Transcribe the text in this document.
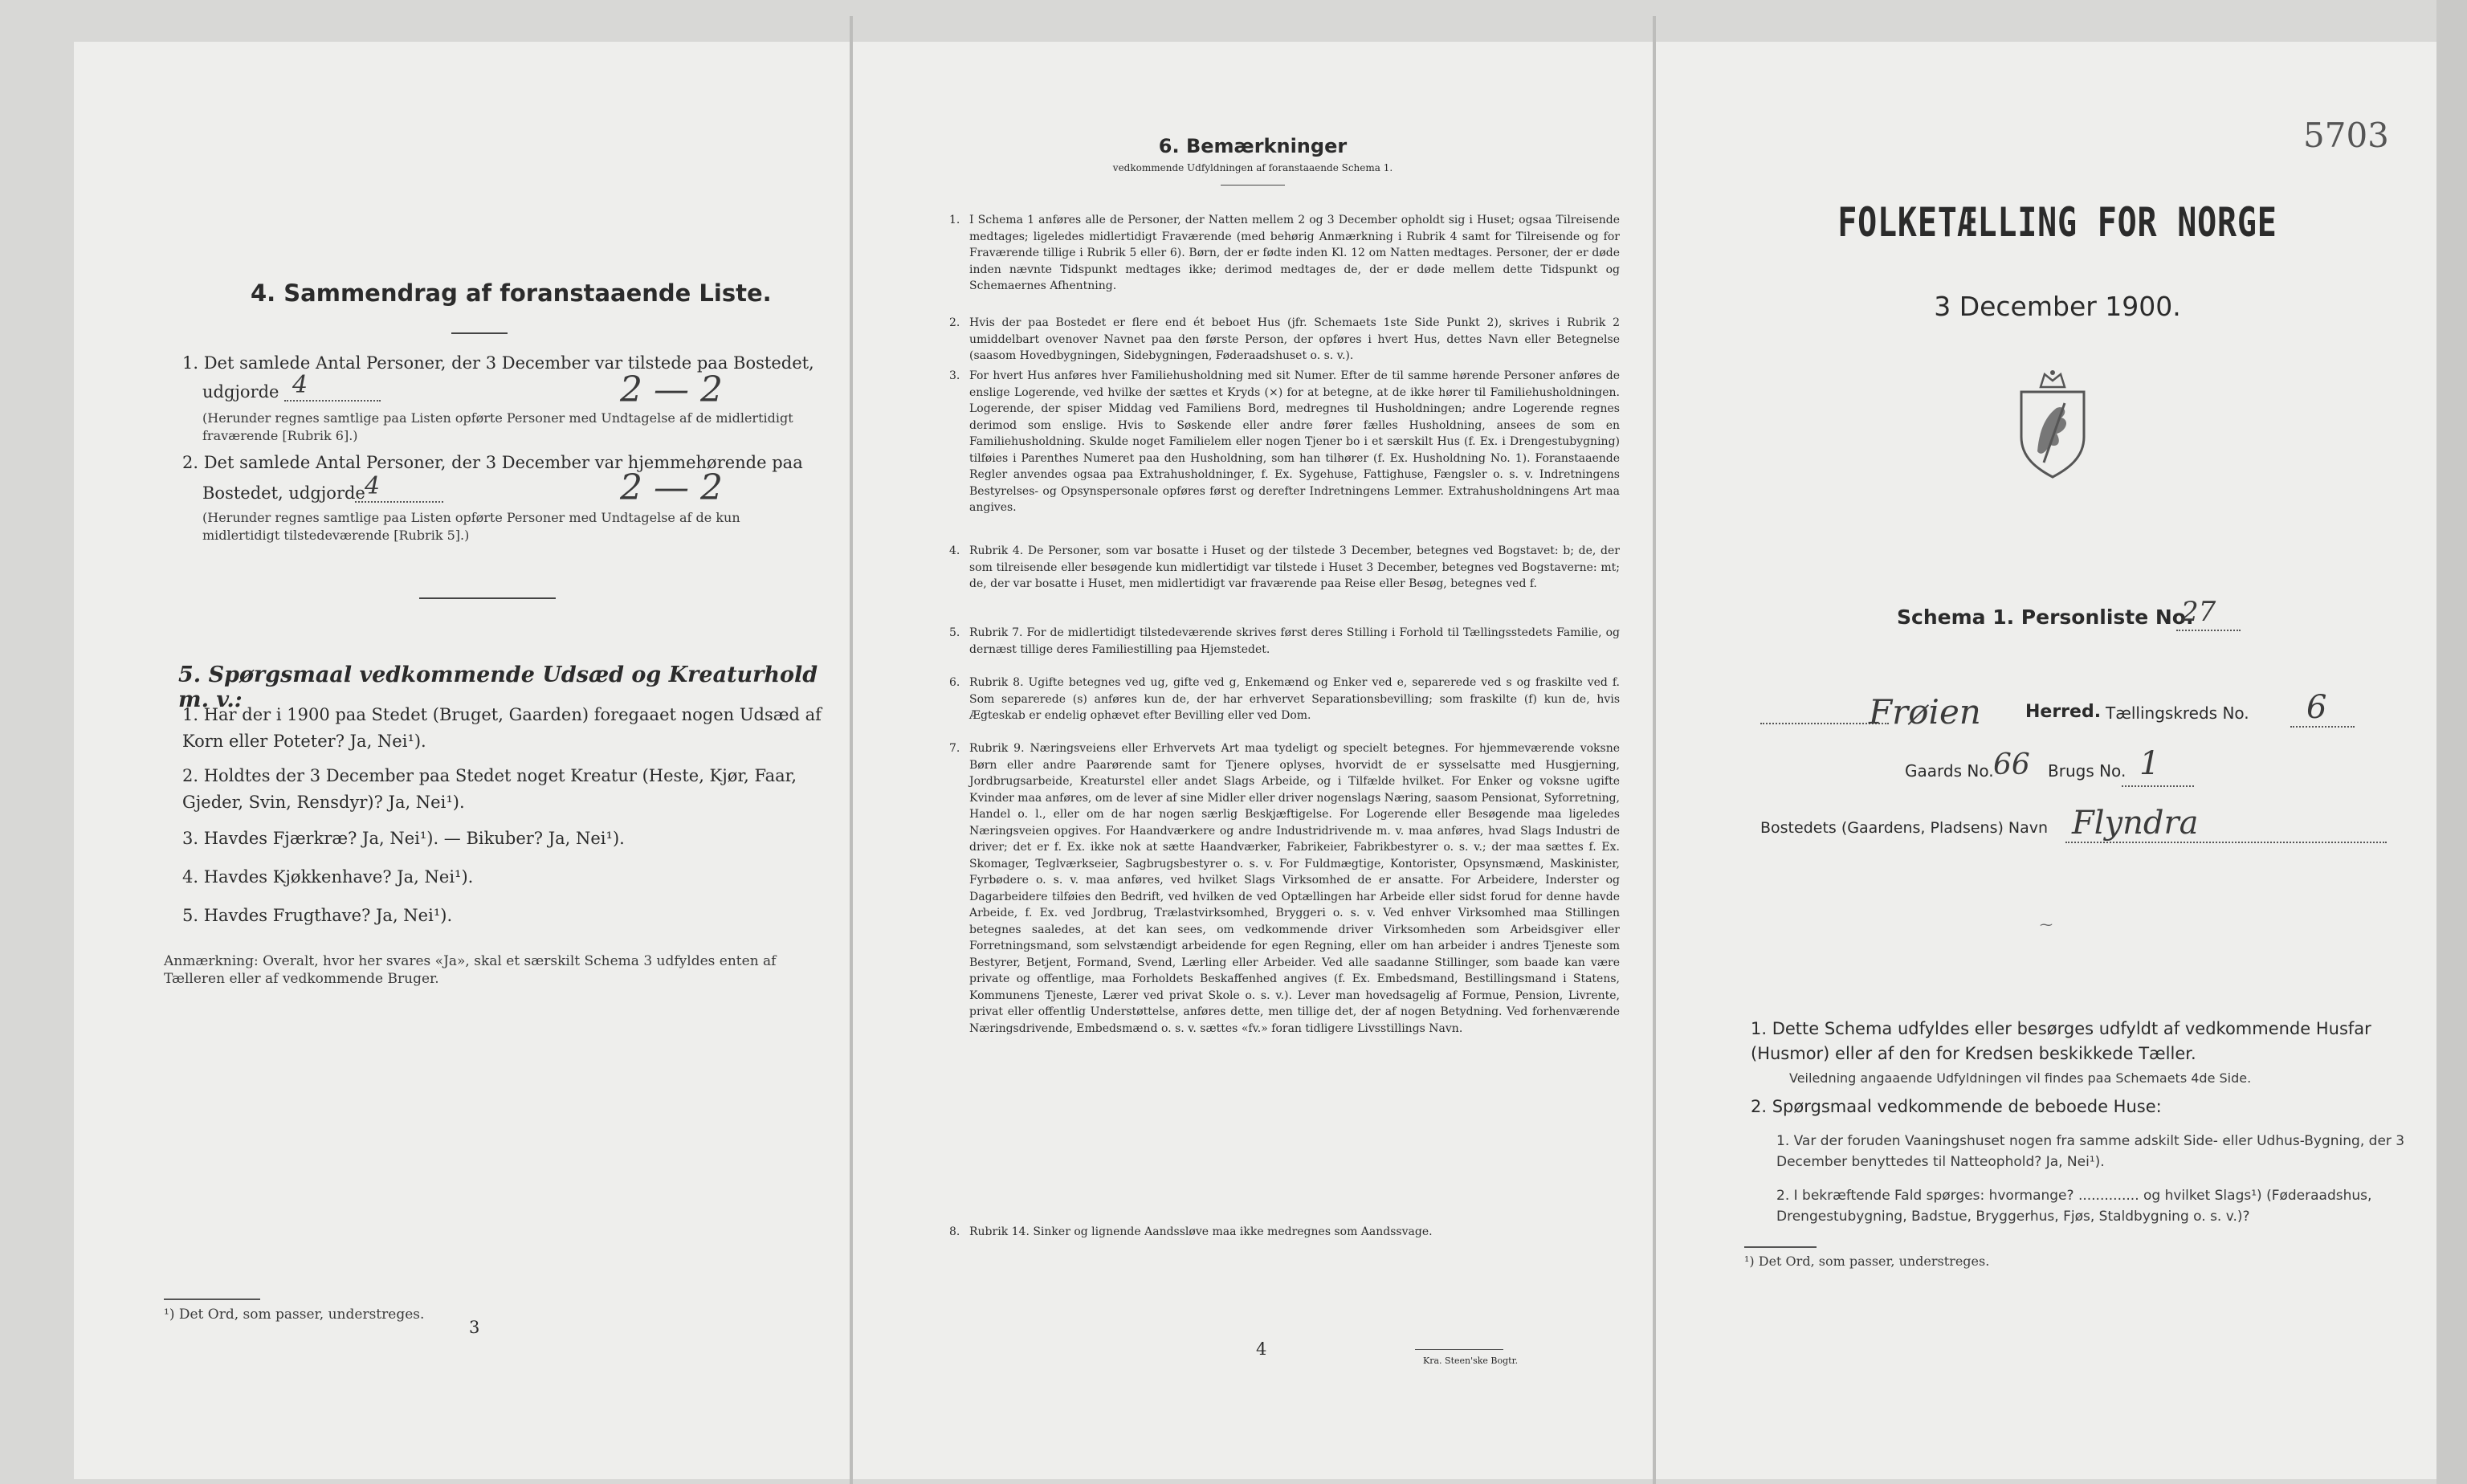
4. Sammendrag af foranstaaende Liste.
1. Det samlede Antal Personer, der 3 December var tilstede paa Bostedet,
udgjorde 4	2 — 2
(Herunder regnes samtlige paa Listen opførte Personer med Undtagelse af de midlertidigt fraværende [Rubrik 6].)
2. Det samlede Antal Personer, der 3 December var hjemmehørende paa
Bostedet, udgjorde 4	2 — 2
(Herunder regnes samtlige paa Listen opførte Personer med Undtagelse af de kun midlertidigt tilstedeværende [Rubrik 5].)
5. Spørgsmaal vedkommende Udsæd og Kreaturhold m. v.:
1. Har der i 1900 paa Stedet (Bruget, Gaarden) foregaaet nogen Udsæd af Korn eller Poteter? Ja, Nei¹).
2. Holdtes der 3 December paa Stedet noget Kreatur (Heste, Kjør, Faar, Gjeder, Svin, Rensdyr)? Ja, Nei¹).
3. Havdes Fjærkræ? Ja, Nei¹). — Bikuber? Ja, Nei¹).
4. Havdes Kjøkkenhave? Ja, Nei¹).
5. Havdes Frugthave? Ja, Nei¹).
Anmærkning: Overalt, hvor her svares «Ja», skal et særskilt Schema 3 udfyldes enten af Tælleren eller af vedkommende Bruger.
¹) Det Ord, som passer, understreges.
3
6. Bemærkninger
vedkommende Udfyldningen af foranstaaende Schema 1.
1. I Schema 1 anføres alle de Personer, der Natten mellem 2 og 3 December opholdt sig i Huset; ogsaa Tilreisende medtages; ligeledes midlertidigt Fraværende (med behørig Anmærkning i Rubrik 4 samt for Tilreisende og for Fraværende tillige i Rubrik 5 eller 6). Børn, der er fødte inden Kl. 12 om Natten medtages. Personer, der er døde inden nævnte Tidspunkt medtages ikke; derimod medtages de, der er døde mellem dette Tidspunkt og Schemaernes Afhentning.
2. Hvis der paa Bostedet er flere end ét beboet Hus (jfr. Schemaets 1ste Side Punkt 2), skrives i Rubrik 2 umiddelbart ovenover Navnet paa den første Person, der opføres i hvert Hus, dettes Navn eller Betegnelse (saasom Hovedbygningen, Sidebygningen, Føderaadshuset o. s. v.).
3. For hvert Hus anføres hver Familiehusholdning med sit Numer. Efter de til samme hørende Personer anføres de enslige Logerende, ved hvilke der sættes et Kryds (×) for at betegne, at de ikke hører til Familiehusholdningen. Logerende, der spiser Middag ved Familiens Bord, medregnes til Husholdningen; andre Logerende regnes derimod som enslige. Hvis to Søskende eller andre fører fælles Husholdning, ansees de som en Familiehusholdning. Skulde noget Familielem eller nogen Tjener bo i et særskilt Hus (f. Ex. i Drengestubygning) tilføies i Parenthes Numeret paa den Husholdning, som han tilhører (f. Ex. Husholdning No. 1). Foranstaaende Regler anvendes ogsaa paa Extrahusholdninger, f. Ex. Sygehuse, Fattighuse, Fængsler o. s. v. Indretningens Bestyrelses- og Opsynspersonale opføres først og derefter Indretningens Lemmer. Extrahusholdningens Art maa angives.
4. Rubrik 4. De Personer, som var bosatte i Huset og der tilstede 3 December, betegnes ved Bogstavet: b; de, der som tilreisende eller besøgende kun midlertidigt var tilstede i Huset 3 December, betegnes ved Bogstaverne: mt; de, der var bosatte i Huset, men midlertidigt var fraværende paa Reise eller Besøg, betegnes ved f.
5. Rubrik 7. For de midlertidigt tilstedeværende skrives først deres Stilling i Forhold til Tællingsstedets Familie, og dernæst tillige deres Familiestilling paa Hjemstedet.
6. Rubrik 8. Ugifte betegnes ved ug, gifte ved g, Enkemænd og Enker ved e, separerede ved s og fraskilte ved f. Som separerede (s) anføres kun de, der har erhvervet Separationsbevilling; som fraskilte (f) kun de, hvis Ægteskab er endelig ophævet efter Bevilling eller ved Dom.
7. Rubrik 9. Næringsveiens eller Erhvervets Art maa tydeligt og specielt betegnes. For hjemmeværende voksne Børn eller andre Paarørende samt for Tjenere oplyses, hvorvidt de er sysselsatte med Husgjerning, Jordbrugsarbeide, Kreaturstel eller andet Slags Arbeide, og i Tilfælde hvilket. For Enker og voksne ugifte Kvinder maa anføres, om de lever af sine Midler eller driver nogenslags Næring, saasom Pensionat, Syforretning, Handel o. l., eller om de har nogen særlig Beskjæftigelse. For Logerende eller Besøgende maa ligeledes Næringsveien opgives. For Haandværkere og andre Industridrivende m. v. maa anføres, hvad Slags Industri de driver; det er f. Ex. ikke nok at sætte Haandværker, Fabrikeier, Fabrikbestyrer o. s. v.; der maa sættes f. Ex. Skomager, Teglværkseier, Sagbrugsbestyrer o. s. v. For Fuldmægtige, Kontorister, Opsynsmænd, Maskinister, Fyrbødere o. s. v. maa anføres, ved hvilket Slags Virksomhed de er ansatte. For Arbeidere, Inderster og Dagarbeidere tilføies den Bedrift, ved hvilken de ved Optællingen har Arbeide eller sidst forud for denne havde Arbeide, f. Ex. ved Jordbrug, Trælastvirksomhed, Bryggeri o. s. v. Ved enhver Virksomhed maa Stillingen betegnes saaledes, at det kan sees, om vedkommende driver Virksomheden som Arbeidsgiver eller Forretningsmand, som selvstændigt arbeidende for egen Regning, eller om han arbeider i andres Tjeneste som Bestyrer, Betjent, Formand, Svend, Lærling eller Arbeider. Ved alle saadanne Stillinger, som baade kan være private og offentlige, maa Forholdets Beskaffenhed angives (f. Ex. Embedsmand, Bestillingsmand i Statens, Kommunens Tjeneste, Lærer ved privat Skole o. s. v.). Lever man hovedsagelig af Formue, Pension, Livrente, privat eller offentlig Understøttelse, anføres dette, men tillige det, der af nogen Betydning. Ved forhenværende Næringsdrivende, Embedsmænd o. s. v. sættes «fv.» foran tidligere Livsstillings Navn.
8. Rubrik 14. Sinker og lignende Aandssløve maa ikke medregnes som Aandssvage.
4
Kra. Steen'ske Bogtr.
5703
FOLKETÆLLING FOR NORGE
3 December 1900.
Schema 1. Personliste No.
27
Frøien	Herred. Tællingskreds No. 6
Gaards No. 66 Brugs No. 1
Bostedets (Gaardens, Pladsens) Navn Flyndra
⁓
1. Dette Schema udfyldes eller besørges udfyldt af vedkommende Husfar (Husmor) eller af den for Kredsen beskikkede Tæller.
Veiledning angaaende Udfyldningen vil findes paa Schemaets 4de Side.
2. Spørgsmaal vedkommende de beboede Huse:
1. Var der foruden Vaaningshuset nogen fra samme adskilt Side- eller Udhus-Bygning, der 3 December benyttedes til Natteophold? Ja, Nei¹).
2. I bekræftende Fald spørges: hvormange? .............. og hvilket Slags¹) (Føderaadshus, Drengestubygning, Badstue, Bryggerhus, Fjøs, Staldbygning o. s. v.)?
¹) Det Ord, som passer, understreges.
